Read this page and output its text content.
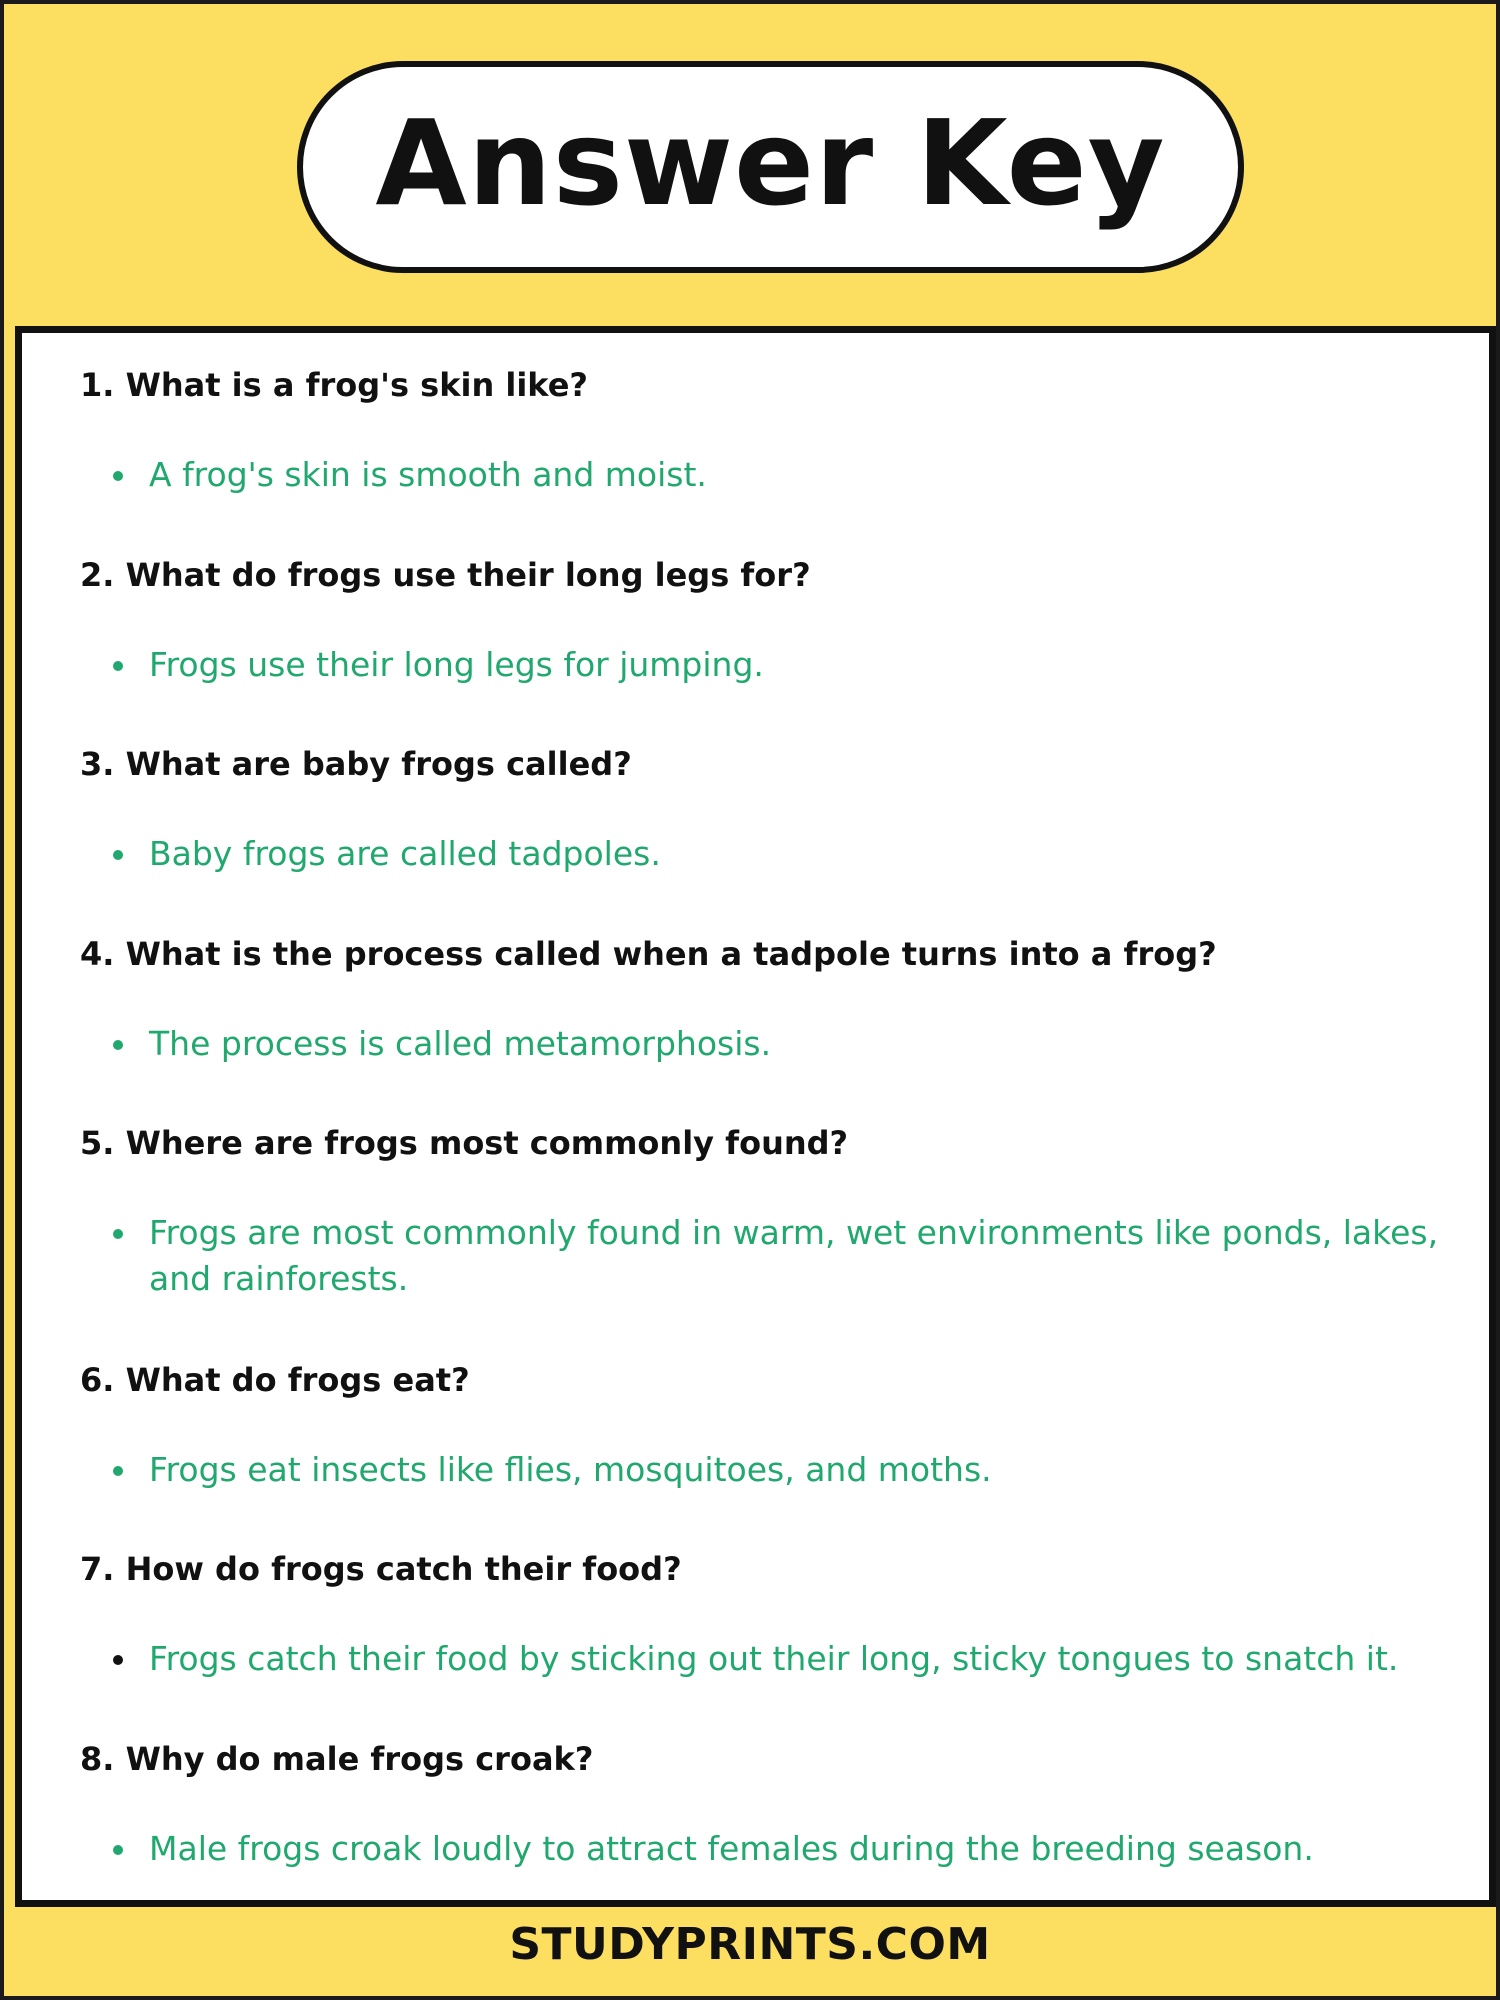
Answer Key
1. What is a frog's skin like?
A frog's skin is smooth and moist.
2. What do frogs use their long legs for?
Frogs use their long legs for jumping.
3. What are baby frogs called?
Baby frogs are called tadpoles.
4. What is the process called when a tadpole turns into a frog?
The process is called metamorphosis.
5. Where are frogs most commonly found?
Frogs are most commonly found in warm, wet environments like ponds, lakes,
and rainforests.
6. What do frogs eat?
Frogs eat insects like flies, mosquitoes, and moths.
7. How do frogs catch their food?
Frogs catch their food by sticking out their long, sticky tongues to snatch it.
8. Why do male frogs croak?
Male frogs croak loudly to attract females during the breeding season.
STUDYPRINTS.COM
